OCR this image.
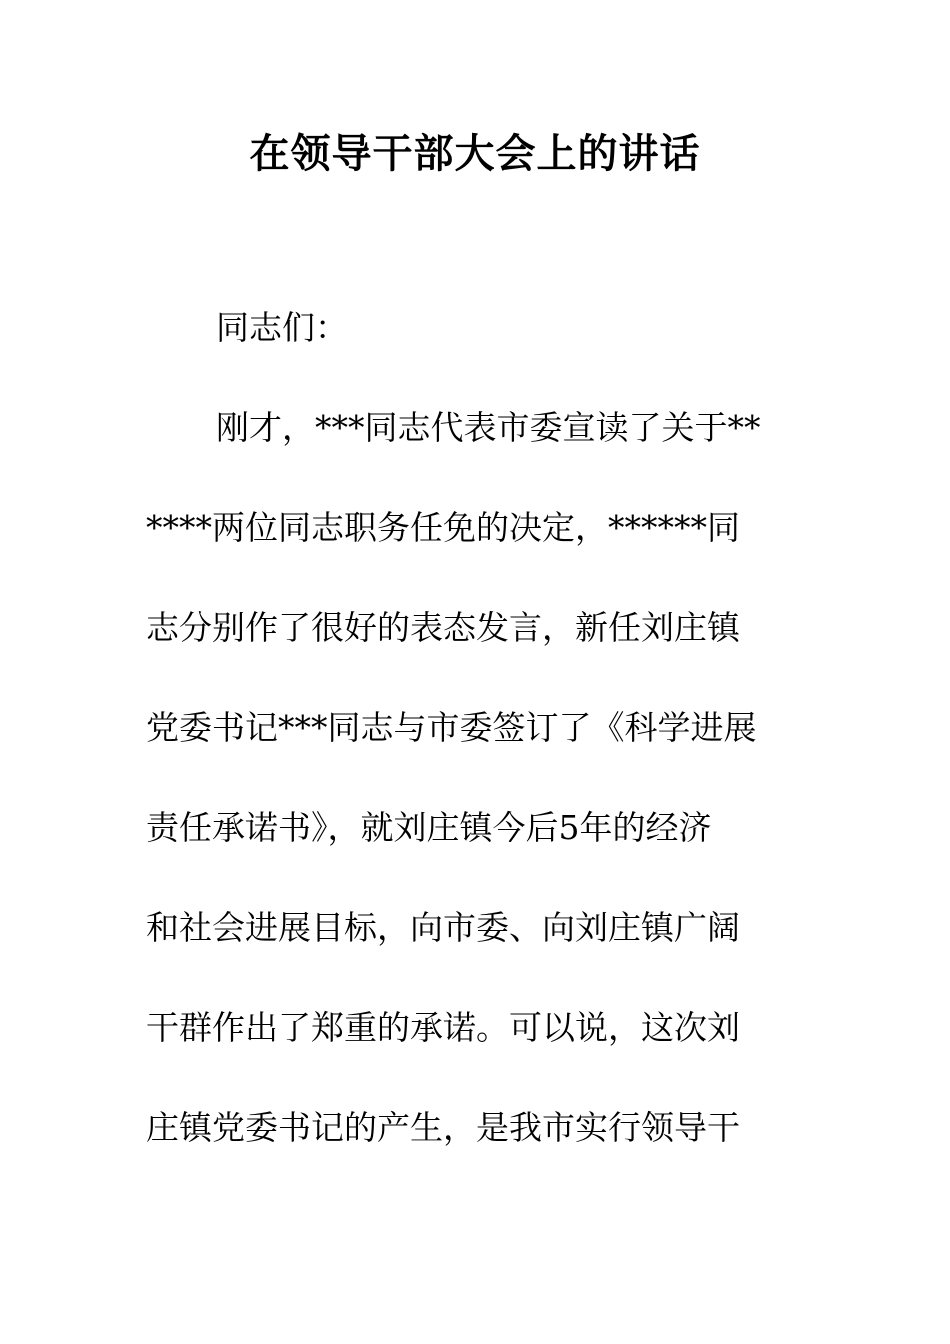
在领导干部大会上的讲话
同志们：
刚才，***同志代表市委宣读了关于**
****两位同志职务任免的决定，******同
志分别作了很好的表态发言，新任刘庄镇
党委书记***同志与市委签订了《科学进展
责任承诺书》，就刘庄镇今后5年的经济
和社会进展目标，向市委、向刘庄镇广阔
干群作出了郑重的承诺。可以说，这次刘
庄镇党委书记的产生，是我市实行领导干
